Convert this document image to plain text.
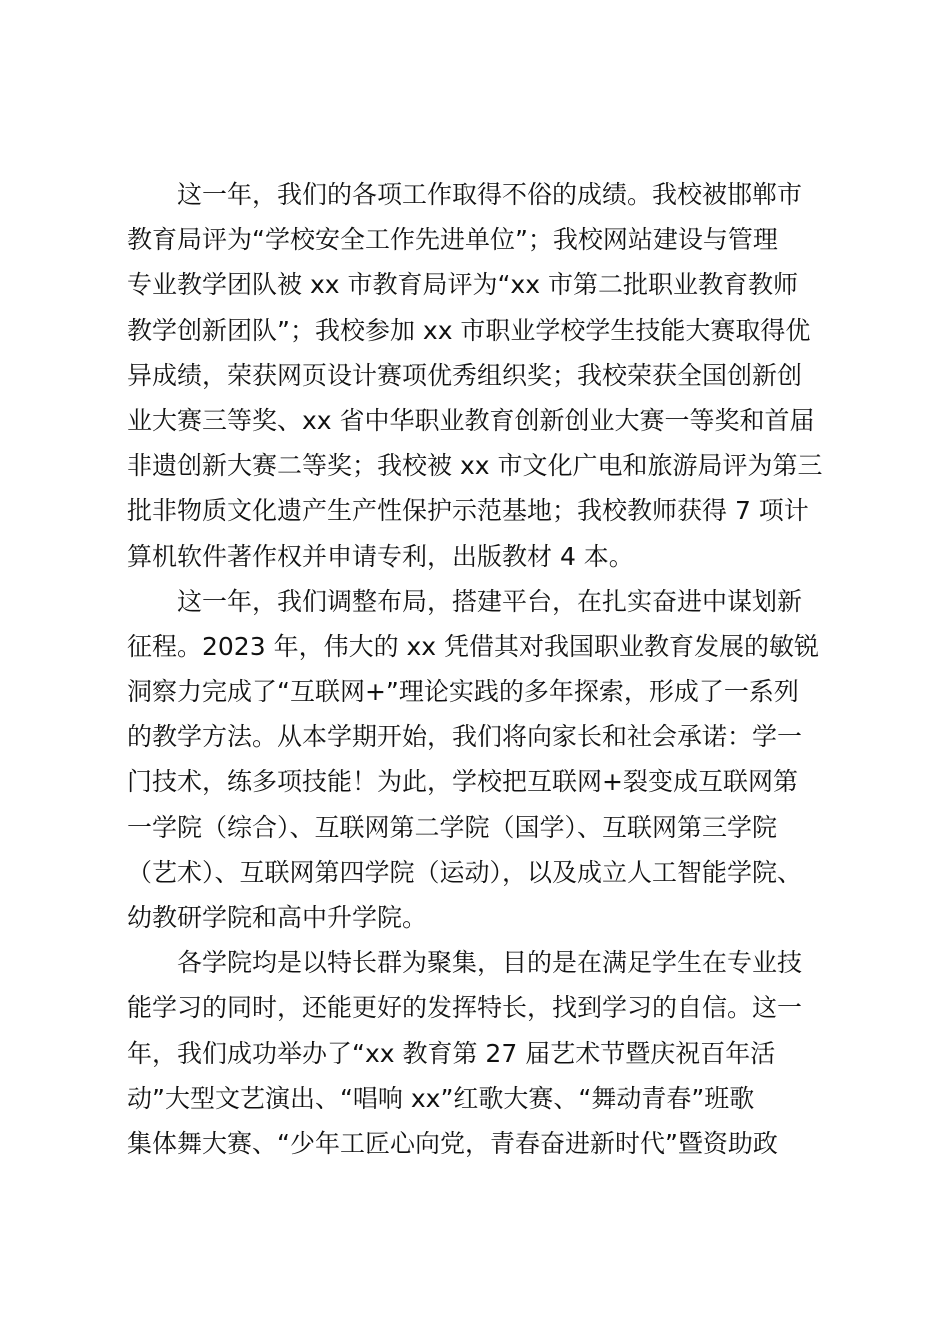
这一年，我们的各项工作取得不俗的成绩。我校被邯郸市
教育局评为“学校安全工作先进单位”；我校网站建设与管理
专业教学团队被 xx 市教育局评为“xx 市第二批职业教育教师
教学创新团队”；我校参加 xx 市职业学校学生技能大赛取得优
异成绩，荣获网页设计赛项优秀组织奖；我校荣获全国创新创
业大赛三等奖、xx 省中华职业教育创新创业大赛一等奖和首届
非遗创新大赛二等奖；我校被 xx 市文化广电和旅游局评为第三
批非物质文化遗产生产性保护示范基地；我校教师获得 7 项计
算机软件著作权并申请专利，出版教材 4 本。
这一年，我们调整布局，搭建平台，在扎实奋进中谋划新
征程。2023 年，伟大的 xx 凭借其对我国职业教育发展的敏锐
洞察力完成了“互联网+”理论实践的多年探索，形成了一系列
的教学方法。从本学期开始，我们将向家长和社会承诺：学一
门技术，练多项技能！为此，学校把互联网+裂变成互联网第
一学院（综合）、互联网第二学院（国学）、互联网第三学院
（艺术）、互联网第四学院（运动），以及成立人工智能学院、
幼教研学院和高中升学院。
各学院均是以特长群为聚集，目的是在满足学生在专业技
能学习的同时，还能更好的发挥特长，找到学习的自信。这一
年，我们成功举办了“xx 教育第 27 届艺术节暨庆祝百年活
动”大型文艺演出、“唱响 xx”红歌大赛、“舞动青春”班歌
集体舞大赛、“少年工匠心向党，青春奋进新时代”暨资助政
